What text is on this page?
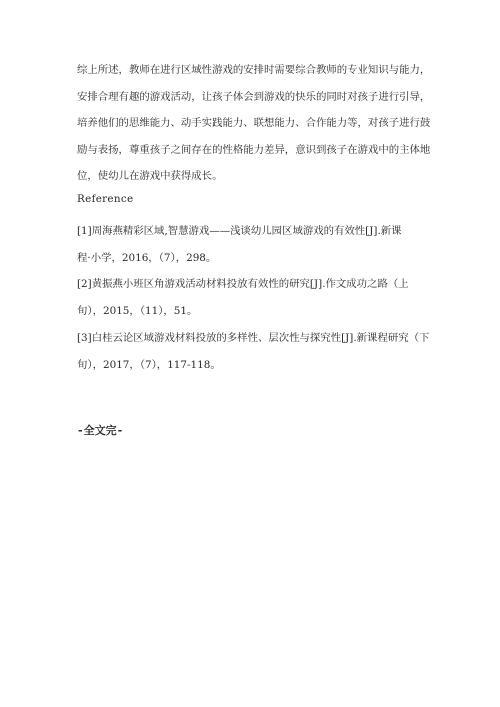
综上所述，教师在进行区域性游戏的安排时需要综合教师的专业知识与能力，
安排合理有趣的游戏活动，让孩子体会到游戏的快乐的同时对孩子进行引导，
培养他们的思维能力、动手实践能力、联想能力、合作能力等，对孩子进行鼓
励与表扬，尊重孩子之间存在的性格能力差异，意识到孩子在游戏中的主体地
位，使幼儿在游戏中获得成长。
Reference
[1]周海燕精彩区域,智慧游戏——浅谈幼儿园区域游戏的有效性[J].新课
程·小学，2016，（7），298。
[2]黄振燕小班区角游戏活动材料投放有效性的研究[J].作文成功之路（上
旬），2015，（11），51。
[3]白桂云论区域游戏材料投放的多样性、层次性与探究性[J].新课程研究（下
旬），2017，（7），117-118。
-全文完-
